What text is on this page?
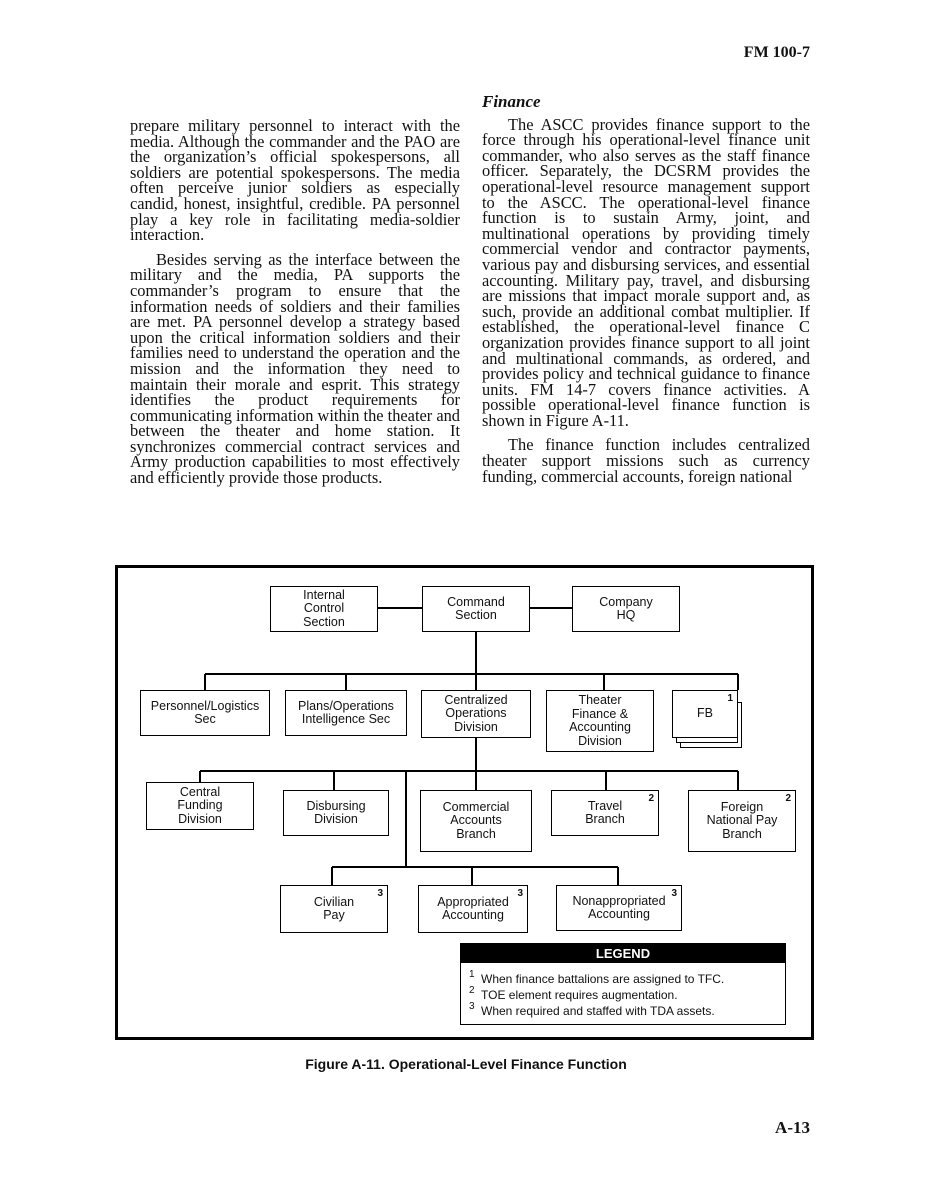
FM 100-7

prepare military personnel to interact with the media. Although the commander and the PAO are the organization’s official spokespersons, all soldiers are potential spokespersons. The media often perceive junior soldiers as especially candid, honest, insightful, credible. PA personnel play a key role in facilitating media-soldier interaction.

Besides serving as the interface between the military and the media, PA supports the commander’s program to ensure that the information needs of soldiers and their families are met. PA personnel develop a strategy based upon the critical information soldiers and their families need to understand the operation and the mission and the information they need to maintain their morale and esprit. This strategy identifies the product requirements for communicating information within the theater and between the theater and home station. It synchronizes commercial contract services and Army production capabilities to most effectively and efficiently provide those products.

Finance

The ASCC provides finance support to the force through his operational-level finance unit commander, who also serves as the staff finance officer. Separately, the DCSRM provides the operational-level resource management support to the ASCC. The operational-level finance function is to sustain Army, joint, and multinational operations by providing timely commercial vendor and contractor payments, various pay and disbursing services, and essential accounting. Military pay, travel, and disbursing are missions that impact morale support and, as such, provide an additional combat multiplier. If established, the operational-level finance C organization provides finance support to all joint and multinational commands, as ordered, and provides policy and technical guidance to finance units. FM 14-7 covers finance activities. A possible operational-level finance function is shown in Figure A-11.

The finance function includes centralized theater support missions such as currency funding, commercial accounts, foreign national

Internal
Control
Section
Command
Section
Company
HQ
Personnel/Logistics
Sec
Plans/Operations
Intelligence Sec
Centralized
Operations
Division
Theater
Finance &
Accounting
Division
FB
1
Central
Funding
Division
Disbursing
Division
Commercial
Accounts
Branch
Travel
Branch
2
Foreign
National Pay
Branch
2
Civilian
Pay
3
Appropriated
Accounting
3	Nonappropriated
Accounting
3
LEGEND
1 When finance battalions are assigned to TFC.
2 TOE element requires augmentation.
3 When required and staffed with TDA assets.
Figure A-11. Operational-Level Finance Function
A-13
